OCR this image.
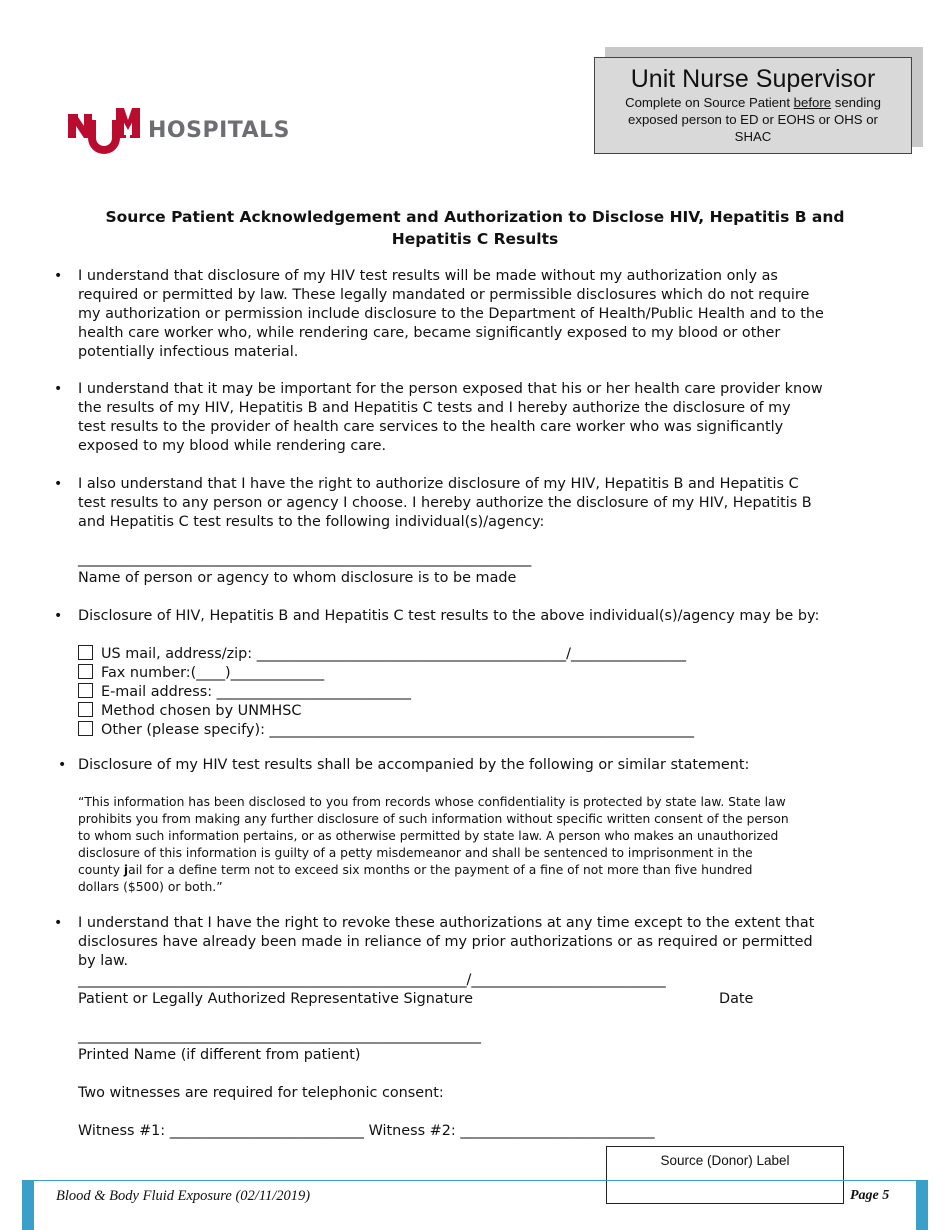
HOSPITALS
Unit Nurse Supervisor
Complete on Source Patient before sending
exposed person to ED or EOHS or OHS or
SHAC
Source Patient Acknowledgement and Authorization to Disclose HIV, Hepatitis B and
Hepatitis C Results
• I understand that disclosure of my HIV test results will be made without my authorization only as
required or permitted by law. These legally mandated or permissible disclosures which do not require
my authorization or permission include disclosure to the Department of Health/Public Health and to the
health care worker who, while rendering care, became significantly exposed to my blood or other
potentially infectious material.
• I understand that it may be important for the person exposed that his or her health care provider know
the results of my HIV, Hepatitis B and Hepatitis C tests and I hereby authorize the disclosure of my
test results to the provider of health care services to the health care worker who was significantly
exposed to my blood while rendering care.
• I also understand that I have the right to authorize disclosure of my HIV, Hepatitis B and Hepatitis C
test results to any person or agency I choose. I hereby authorize the disclosure of my HIV, Hepatitis B
and Hepatitis C test results to the following individual(s)/agency:
_______________________________________________________________
Name of person or agency to whom disclosure is to be made
• Disclosure of HIV, Hepatitis B and Hepatitis C test results to the above individual(s)/agency may be by:
US mail, address/zip: ___________________________________________/________________
Fax number:(____)_____________
E-mail address: ___________________________
Method chosen by UNMHSC
Other (please specify): ___________________________________________________________
• Disclosure of my HIV test results shall be accompanied by the following or similar statement:
“This information has been disclosed to you from records whose confidentiality is protected by state law. State law
prohibits you from making any further disclosure of such information without specific written consent of the person
to whom such information pertains, or as otherwise permitted by state law. A person who makes an unauthorized
disclosure of this information is guilty of a petty misdemeanor and shall be sentenced to imprisonment in the
county jail for a define term not to exceed six months or the payment of a fine of not more than five hundred
dollars ($500) or both.”
• I understand that I have the right to revoke these authorizations at any time except to the extent that
disclosures have already been made in reliance of my prior authorizations or as required or permitted
by law.
______________________________________________________/___________________________
Patient or Legally Authorized Representative Signature	Date
________________________________________________________
Printed Name (if different from patient)
Two witnesses are required for telephonic consent:
Witness #1: ___________________________ Witness #2: ___________________________
Source (Donor) Label
Blood & Body Fluid Exposure (02/11/2019)	Page 5
